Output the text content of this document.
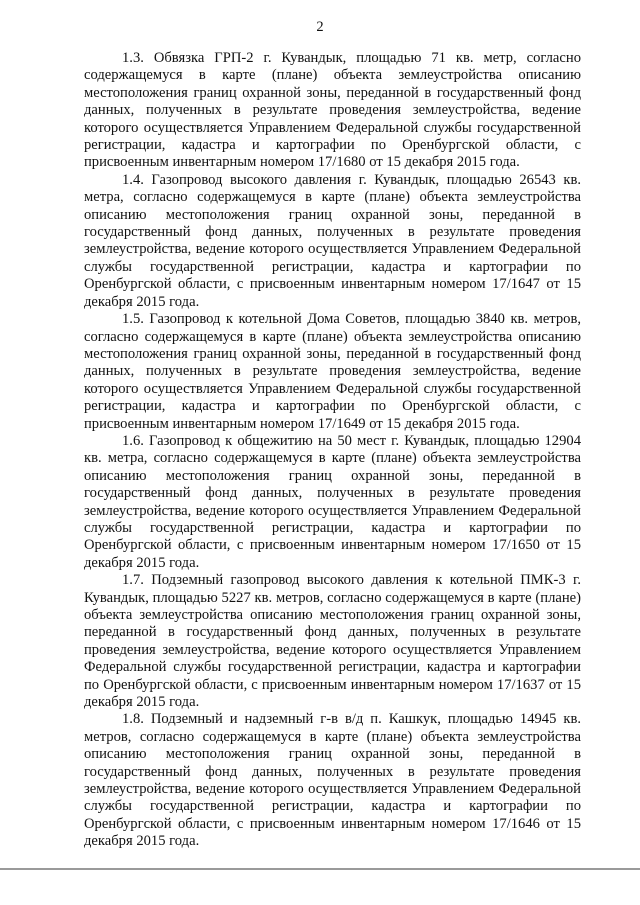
2

1.3. Обвязка ГРП-2 г. Кувандык, площадью 71 кв. метр, согласно содержащемуся в карте (плане) объекта землеустройства описанию местоположения границ охранной зоны, переданной в государственный фонд данных, полученных в результате проведения землеустройства, ведение которого осуществляется Управлением Федеральной службы государственной регистрации, кадастра и картографии по Оренбургской области, с присвоенным инвентарным номером 17/1680 от 15 декабря 2015 года.

1.4. Газопровод высокого давления г. Кувандык, площадью 26543 кв. метра, согласно содержащемуся в карте (плане) объекта землеустройства описанию местоположения границ охранной зоны, переданной в государственный фонд данных, полученных в результате проведения землеустройства, ведение которого осуществляется Управлением Федеральной службы государственной регистрации, кадастра и картографии по Оренбургской области, с присвоенным инвентарным номером 17/1647 от 15 декабря 2015 года.

1.5. Газопровод к котельной Дома Советов, площадью 3840 кв. метров, согласно содержащемуся в карте (плане) объекта землеустройства описанию местоположения границ охранной зоны, переданной в государственный фонд данных, полученных в результате проведения землеустройства, ведение которого осуществляется Управлением Федеральной службы государственной регистрации, кадастра и картографии по Оренбургской области, с присвоенным инвентарным номером 17/1649 от 15 декабря 2015 года.

1.6. Газопровод к общежитию на 50 мест г. Кувандык, площадью 12904 кв. метра, согласно содержащемуся в карте (плане) объекта землеустройства описанию местоположения границ охранной зоны, переданной в государственный фонд данных, полученных в результате проведения землеустройства, ведение которого осуществляется Управлением Федеральной службы государственной регистрации, кадастра и картографии по Оренбургской области, с присвоенным инвентарным номером 17/1650 от 15 декабря 2015 года.

1.7. Подземный газопровод высокого давления к котельной ПМК-3 г. Кувандык, площадью 5227 кв. метров, согласно содержащемуся в карте (плане) объекта землеустройства описанию местоположения границ охранной зоны, переданной в государственный фонд данных, полученных в результате проведения землеустройства, ведение которого осуществляется Управлением Федеральной службы государственной регистрации, кадастра и картографии по Оренбургской области, с присвоенным инвентарным номером 17/1637 от 15 декабря 2015 года.

1.8. Подземный и надземный г-в в/д п. Кашкук, площадью 14945 кв. метров, согласно содержащемуся в карте (плане) объекта землеустройства описанию местоположения границ охранной зоны, переданной в государственный фонд данных, полученных в результате проведения землеустройства, ведение которого осуществляется Управлением Федеральной службы государственной регистрации, кадастра и картографии по Оренбургской области, с присвоенным инвентарным номером 17/1646 от 15 декабря 2015 года.
